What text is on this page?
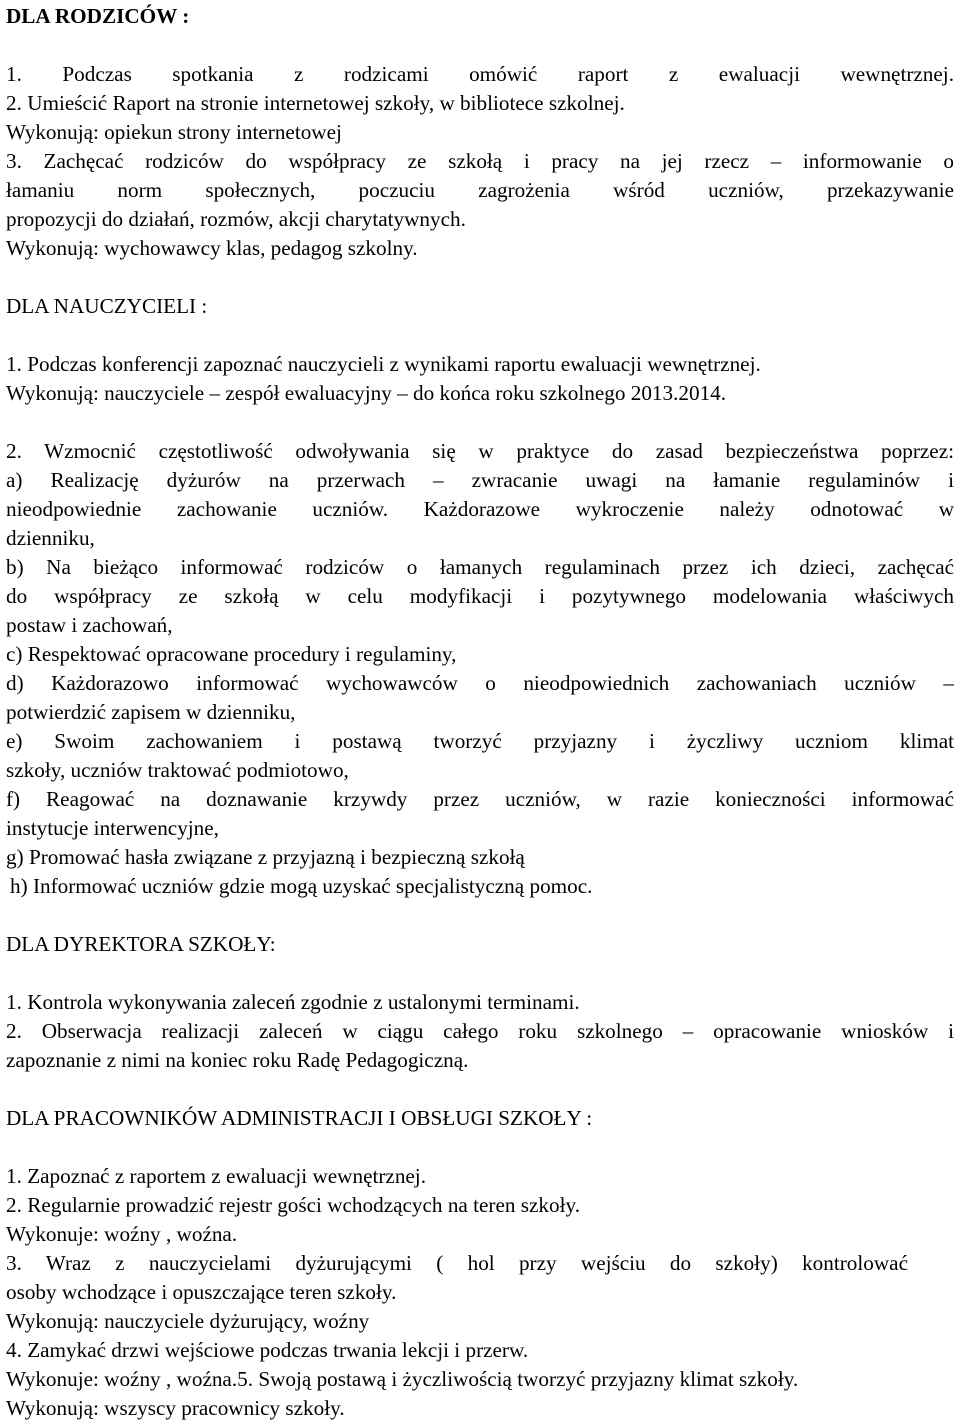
DLA RODZICÓW :
1. Podczas spotkania z rodzicami omówić raport z ewaluacji wewnętrznej.
2. Umieścić Raport na stronie internetowej szkoły, w bibliotece szkolnej.
Wykonują: opiekun strony internetowej
3. Zachęcać rodziców do współpracy ze szkołą i pracy na jej rzecz – informowanie o
łamaniu norm społecznych, poczuciu zagrożenia wśród uczniów, przekazywanie
propozycji do działań, rozmów, akcji charytatywnych.
Wykonują: wychowawcy klas, pedagog szkolny.
DLA NAUCZYCIELI :
1. Podczas konferencji zapoznać nauczycieli z wynikami raportu ewaluacji wewnętrznej.
Wykonują: nauczyciele – zespół ewaluacyjny – do końca roku szkolnego 2013.2014.
2. Wzmocnić częstotliwość odwoływania się w praktyce do zasad bezpieczeństwa poprzez:
a) Realizację dyżurów na przerwach – zwracanie uwagi na łamanie regulaminów i
nieodpowiednie zachowanie uczniów. Każdorazowe wykroczenie należy odnotować w
dzienniku,
b) Na bieżąco informować rodziców o łamanych regulaminach przez ich dzieci, zachęcać
do współpracy ze szkołą w celu modyfikacji i pozytywnego modelowania właściwych
postaw i zachowań,
c) Respektować opracowane procedury i regulaminy,
d) Każdorazowo informować wychowawców o nieodpowiednich zachowaniach uczniów –
potwierdzić zapisem w dzienniku,
e) Swoim zachowaniem i postawą tworzyć przyjazny i życzliwy uczniom klimat
szkoły, uczniów traktować podmiotowo,
f) Reagować na doznawanie krzywdy przez uczniów, w razie konieczności informować
instytucje interwencyjne,
g) Promować hasła związane z przyjazną i bezpieczną szkołą
h) Informować uczniów gdzie mogą uzyskać specjalistyczną pomoc.
DLA DYREKTORA SZKOŁY:
1. Kontrola wykonywania zaleceń zgodnie z ustalonymi terminami.
2. Obserwacja realizacji zaleceń w ciągu całego roku szkolnego – opracowanie wniosków i
zapoznanie z nimi na koniec roku Radę Pedagogiczną.
DLA PRACOWNIKÓW ADMINISTRACJI I OBSŁUGI SZKOŁY :
1. Zapoznać z raportem z ewaluacji wewnętrznej.
2. Regularnie prowadzić rejestr gości wchodzących na teren szkoły.
Wykonuje: woźny , woźna.
3. Wraz z nauczycielami dyżurującymi ( hol przy wejściu do szkoły) kontrolować
osoby wchodzące i opuszczające teren szkoły.
Wykonują: nauczyciele dyżurujący, woźny
4. Zamykać drzwi wejściowe podczas trwania lekcji i przerw.
Wykonuje: woźny , woźna.5. Swoją postawą i życzliwością tworzyć przyjazny klimat szkoły.
Wykonują: wszyscy pracownicy szkoły.
